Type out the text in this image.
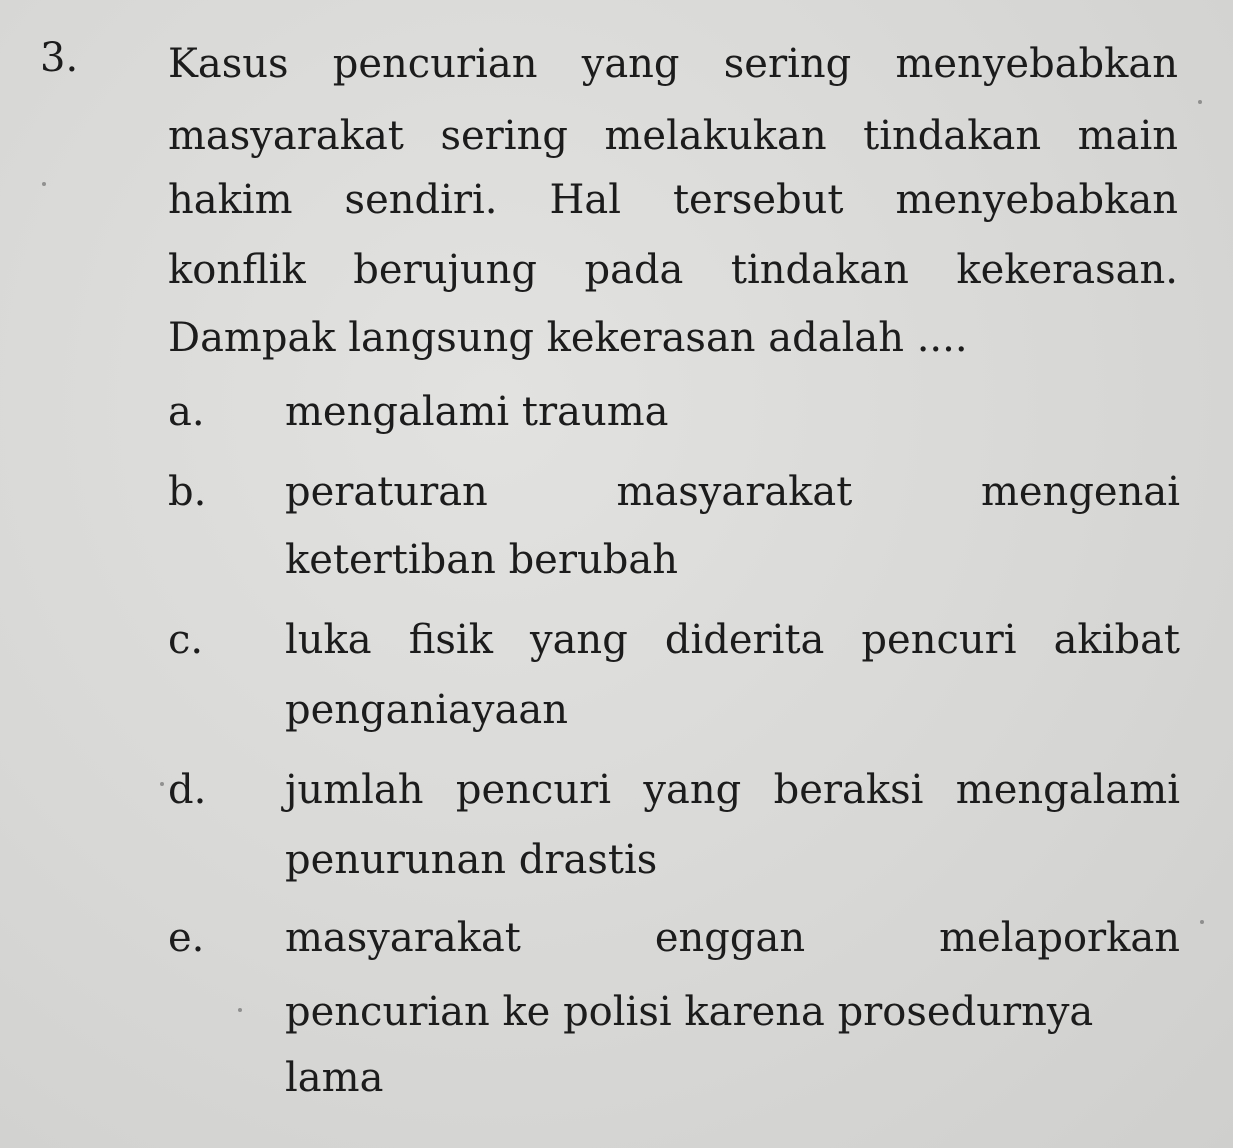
3. Kasus pencurian yang sering menyebabkan
masyarakat sering melakukan tindakan main
hakim sendiri. Hal tersebut menyebabkan
konflik berujung pada tindakan kekerasan.
Dampak langsung kekerasan adalah ....
a. mengalami trauma
b. peraturan masyarakat mengenai
ketertiban berubah
c. luka fisik yang diderita pencuri akibat
penganiayaan
d. jumlah pencuri yang beraksi mengalami
penurunan drastis
e. masyarakat enggan melaporkan
pencurian ke polisi karena prosedurnya
lama
